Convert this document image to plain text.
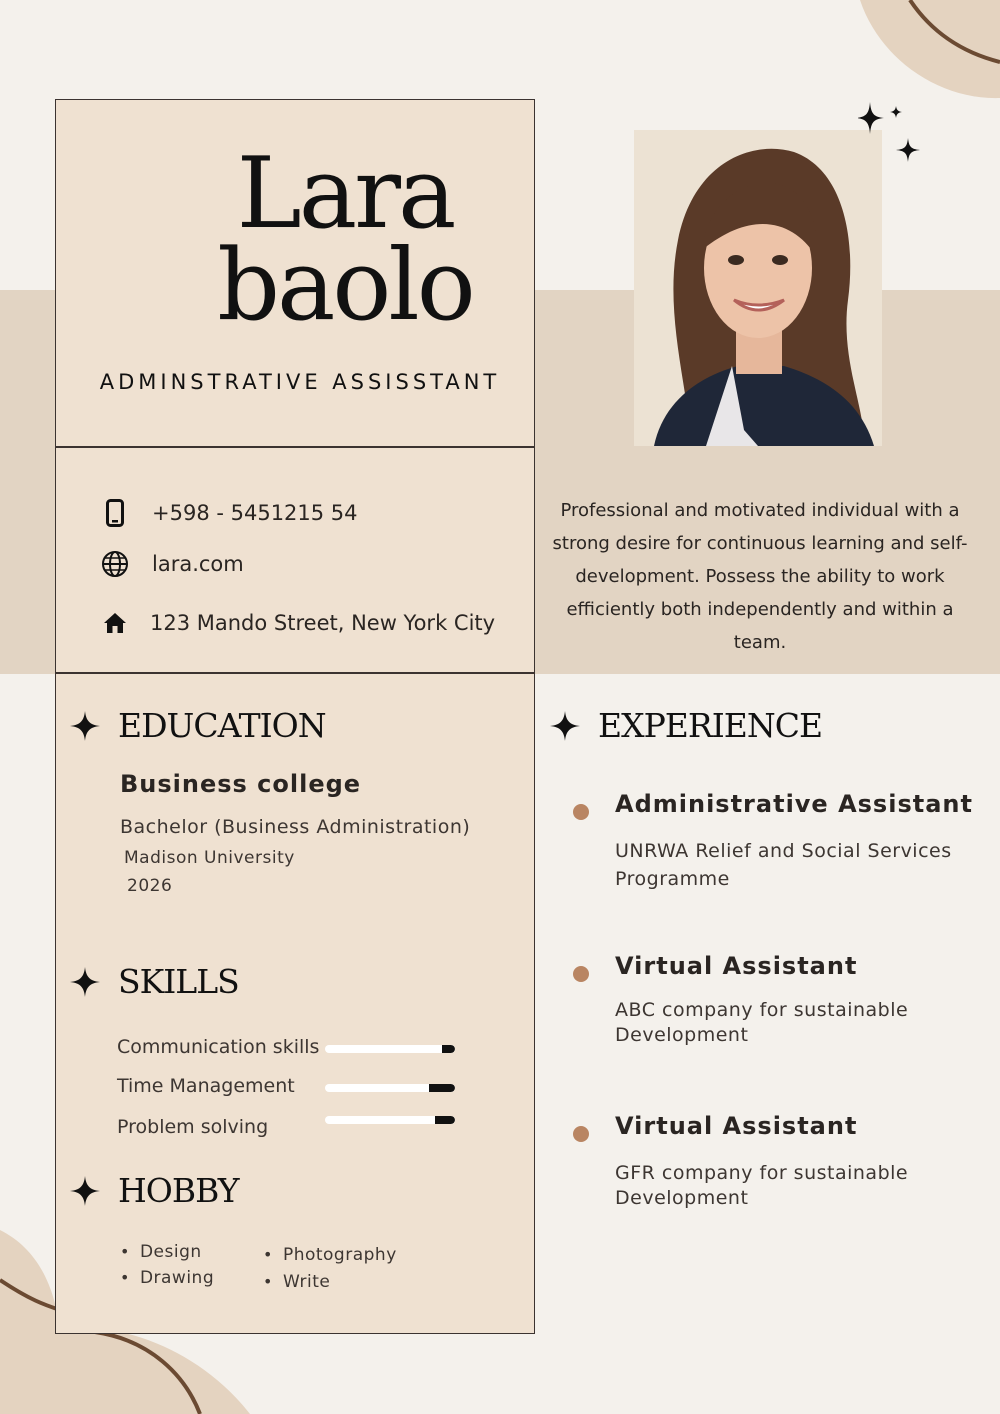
Lara
baolo
ADMINSTRATIVE ASSISSTANT
+598 - 5451215 54
lara.com
123 Mando Street, New York City
EDUCATION
Business college
Bachelor (Business Administration)
Madison University
2026
SKILLS
Communication skills
Time Management
Problem solving
HOBBY
• Design
• Drawing
• Photography
• Write
Professional and motivated individual with a strong desire for continuous learning and self-development. Possess the ability to work efficiently both independently and within a team.
EXPERIENCE
Administrative Assistant
UNRWA Relief and Social Services Programme
Virtual Assistant
ABC company for sustainable Development
Virtual Assistant
GFR company for sustainable Development
